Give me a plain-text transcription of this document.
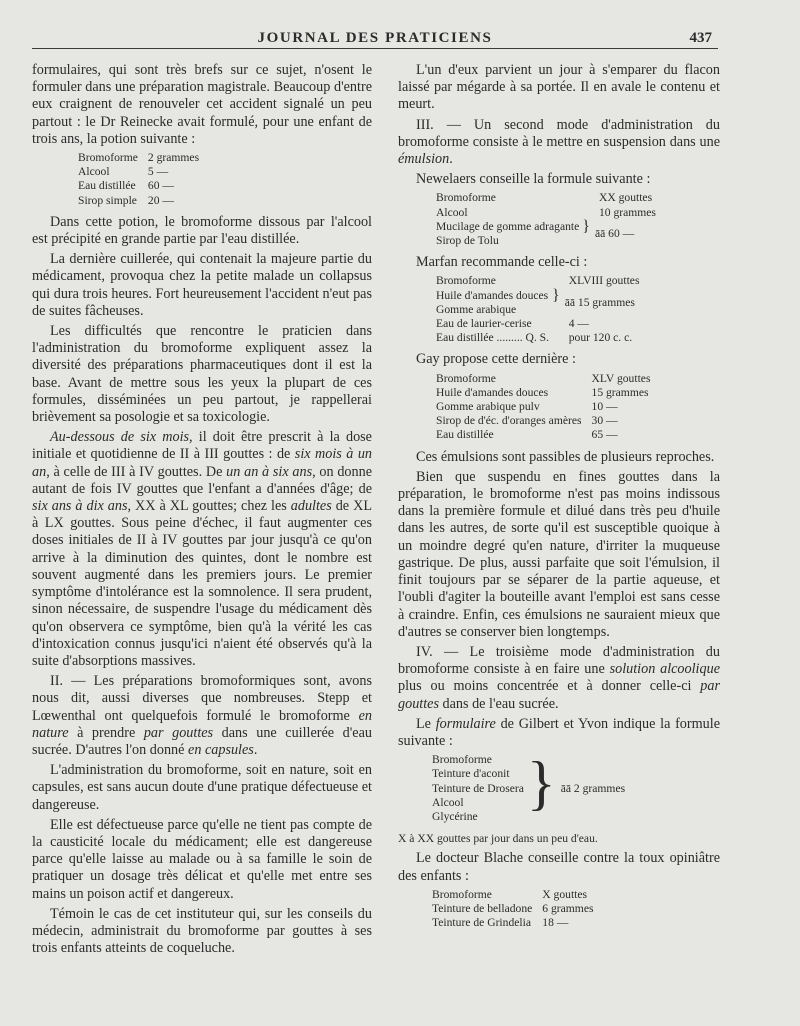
JOURNAL DES PRATICIENS	437

formulaires, qui sont très brefs sur ce sujet, n'osent le formuler dans une préparation magistrale. Beaucoup d'entre eux craignent de renouveler cet accident signalé un peu partout : le Dr Reinecke avait formulé, pour une enfant de trois ans, la potion suivante :

Bromoforme	2 grammes
Alcool	5 —
Eau distillée	60 —
Sirop simple	20 —

Dans cette potion, le bromoforme dissous par l'alcool est précipité en grande partie par l'eau distillée.

La dernière cuillerée, qui contenait la majeure partie du médicament, provoqua chez la petite malade un collapsus qui dura trois heures. Fort heureusement l'accident n'eut pas de suites fâcheuses.

Les difficultés que rencontre le praticien dans l'administration du bromoforme expliquent assez la diversité des préparations pharmaceutiques dont il est la base. Avant de mettre sous les yeux la plupart de ces formules, disséminées un peu partout, je rappellerai brièvement sa posologie et sa toxicologie.

Au-dessous de six mois, il doit être prescrit à la dose initiale et quotidienne de II à III gouttes : de six mois à un an, à celle de III à IV gouttes. De un an à six ans, on donne autant de fois IV gouttes que l'enfant a d'années d'âge; de six ans à dix ans, XX à XL gouttes; chez les adultes de XL à LX gouttes. Sous peine d'échec, il faut augmenter ces doses initiales de II à IV gouttes par jour jusqu'à ce qu'on arrive à la diminution des quintes, dont le nombre est souvent augmenté dans les premiers jours. Le premier symptôme d'intolérance est la somnolence. Il sera prudent, sinon nécessaire, de suspendre l'usage du médicament dès qu'on observera ce symptôme, bien qu'à la vérité les cas d'intoxication connus jusqu'ici n'aient été observés qu'à la suite d'absorptions massives.

II. — Les préparations bromoformiques sont, avons nous dit, aussi diverses que nombreuses. Stepp et Lœwenthal ont quelquefois formulé le bromoforme en nature à prendre par gouttes dans une cuillerée d'eau sucrée. D'autres l'on donné en capsules.

L'administration du bromoforme, soit en nature, soit en capsules, est sans aucun doute d'une pratique défectueuse et dangereuse.

Elle est défectueuse parce qu'elle ne tient pas compte de la causticité locale du médicament; elle est dangereuse parce qu'elle laisse au malade ou à sa famille le soin de pratiquer un dosage très délicat et qu'elle met entre ses mains un poison actif et dangereux.

Témoin le cas de cet instituteur qui, sur les conseils du médecin, administrait du bromoforme par gouttes à ses trois enfants atteints de coqueluche.

L'un d'eux parvient un jour à s'emparer du flacon laissé par mégarde à sa portée. Il en avale le contenu et meurt.

III. — Un second mode d'administration du bromoforme consiste à le mettre en suspension dans une émulsion.

Newelaers conseille la formule suivante :

Bromoforme		XX gouttes
Alcool		10 grammes
Mucilage de gomme adragante	}	āā 60 —
Sirop de Tolu		

Marfan recommande celle-ci :

Bromoforme		XLVIII gouttes
Huile d'amandes douces	}	āā 15 grammes
Gomme arabique		
Eau de laurier-cerise		4 —
Eau distillée ......... Q. S.		pour 120 c. c.

Gay propose cette dernière :

Bromoforme	XLV gouttes
Huile d'amandes douces	15 grammes
Gomme arabique pulv	10 —
Sirop de d'éc. d'oranges amères	30 —
Eau distillée	65 —

Ces émulsions sont passibles de plusieurs reproches.

Bien que suspendu en fines gouttes dans la préparation, le bromoforme n'est pas moins indissous dans la première formule et dilué dans très peu d'huile dans les autres, de sorte qu'il est susceptible quoique à un moindre degré qu'en nature, d'irriter la muqueuse gastrique. De plus, aussi parfaite que soit l'émulsion, il finit toujours par se séparer de la partie aqueuse, et l'oubli d'agiter la bouteille avant l'emploi est sans cesse à craindre. Enfin, ces émulsions ne sauraient mieux que d'autres se conserver bien longtemps.

IV. — Le troisième mode d'administration du bromoforme consiste à en faire une solution alcoolique plus ou moins concentrée et à donner celle-ci par gouttes dans de l'eau sucrée.

Le formulaire de Gilbert et Yvon indique la formule suivante :

Bromoforme	}	āā 2 grammes
Teinture d'aconit
Teinture de Drosera
Alcool
Glycérine

X à XX gouttes par jour dans un peu d'eau.

Le docteur Blache conseille contre la toux opiniâtre des enfants :

Bromoforme	X gouttes
Teinture de belladone	6 grammes
Teinture de Grindelia	18 —
